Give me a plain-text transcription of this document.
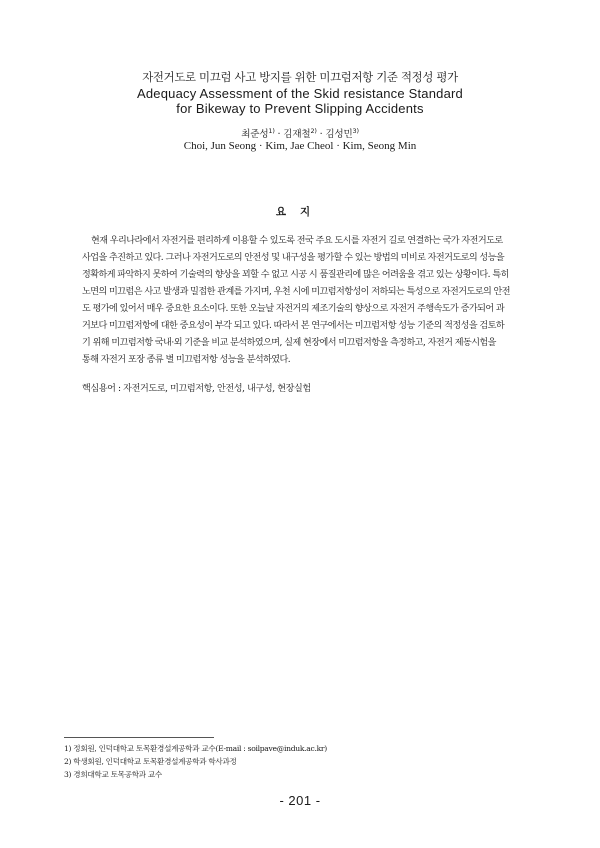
자전거도로 미끄럼 사고 방지를 위한 미끄럼저항 기준 적정성 평가
Adequacy Assessment of the Skid resistance Standard
for Bikeway to Prevent Slipping Accidents
최준성$^{1)}$ · 김재철$^{2)}$ · 김성민$^{3)}$
Choi, Jun Seong · Kim, Jae Cheol · Kim, Seong Min
요지
현재 우리나라에서 자전거를 편리하게 이용할 수 있도록 전국 주요 도시를 자전거 길로 연결하는 국가 자전거도로
사업을 추진하고 있다. 그러나 자전거도로의 안전성 및 내구성을 평가할 수 있는 방법의 미비로 자전거도로의 성능을
정확하게 파악하지 못하여 기술력의 향상을 꾀할 수 없고 시공 시 품질관리에 많은 어려움을 겪고 있는 상황이다. 특히
노면의 미끄럼은 사고 발생과 밀접한 관계를 가지며, 우천 시에 미끄럼저항성이 저하되는 특성으로 자전거도로의 안전
도 평가에 있어서 매우 중요한 요소이다. 또한 오늘날 자전거의 제조기술의 향상으로 자전거 주행속도가 증가되어 과
거보다 미끄럼저항에 대한 중요성이 부각 되고 있다. 따라서 본 연구에서는 미끄럼저항 성능 기준의 적정성을 검토하
기 위해 미끄럼저항 국내·외 기준을 비교 분석하였으며, 실제 현장에서 미끄럼저항을 측정하고, 자전거 제동시험을
통해 자전거 포장 종류 별 미끄럼저항 성능을 분석하였다.
핵심용어 : 자전거도로, 미끄럼저항, 안전성, 내구성, 현장실험
1) 정회원, 인덕대학교 토목환경설계공학과 교수(E-mail : soilpave@induk.ac.kr)
2) 학생회원, 인덕대학교 토목환경설계공학과 학사과정
3) 경희대학교 토목공학과 교수
- 201 -
